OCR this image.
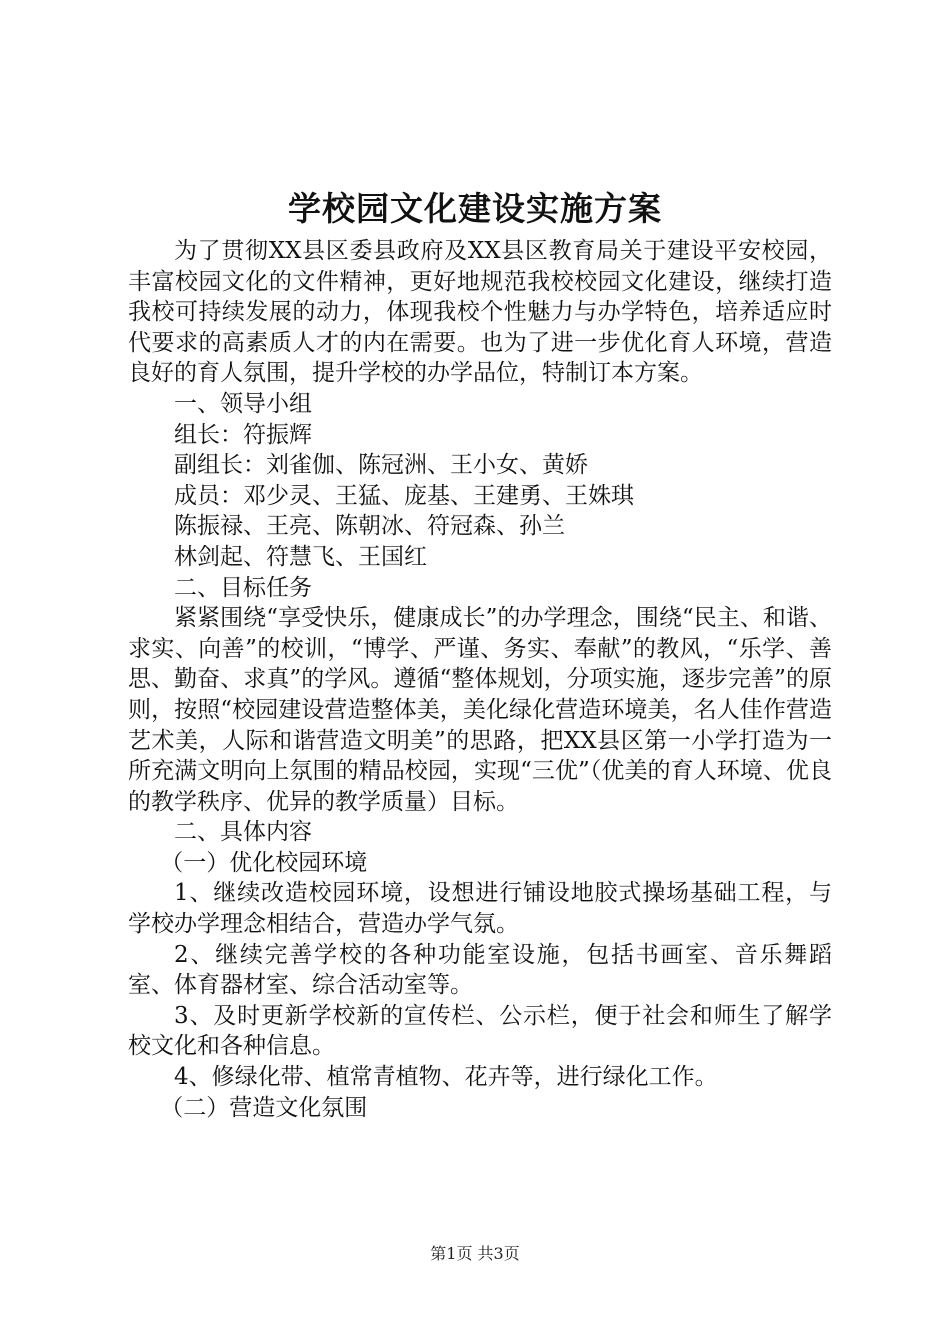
学校园文化建设实施方案

为了贯彻XX县区委县政府及XX县区教育局关于建设平安校园，丰富校园文化的文件精神，更好地规范我校校园文化建设，继续打造我校可持续发展的动力，体现我校个性魅力与办学特色，培养适应时代要求的高素质人才的内在需要。也为了进一步优化育人环境，营造良好的育人氛围，提升学校的办学品位，特制订本方案。

一、领导小组

组长：符振辉

副组长：刘雀伽、陈冠洲、王小女、黄娇

成员：邓少灵、王猛、庞基、王建勇、王姝琪

陈振禄、王亮、陈朝冰、符冠森、孙兰

林剑起、符慧飞、王国红

二、目标任务

紧紧围绕“享受快乐，健康成长”的办学理念，围绕“民主、和谐、求实、向善”的校训，“博学、严谨、务实、奉献”的教风，“乐学、善思、勤奋、求真”的学风。遵循“整体规划，分项实施，逐步完善”的原则，按照“校园建设营造整体美，美化绿化营造环境美，名人佳作营造艺术美，人际和谐营造文明美”的思路，把XX县区第一小学打造为一所充满文明向上氛围的精品校园，实现“三优”（优美的育人环境、优良的教学秩序、优异的教学质量）目标。

二、具体内容

（一）优化校园环境

1、继续改造校园环境，设想进行铺设地胶式操场基础工程，与学校办学理念相结合，营造办学气氛。

2、继续完善学校的各种功能室设施，包括书画室、音乐舞蹈室、体育器材室、综合活动室等。

3、及时更新学校新的宣传栏、公示栏，便于社会和师生了解学校文化和各种信息。

4、修绿化带、植常青植物、花卉等，进行绿化工作。

（二）营造文化氛围

第1页 共3页
